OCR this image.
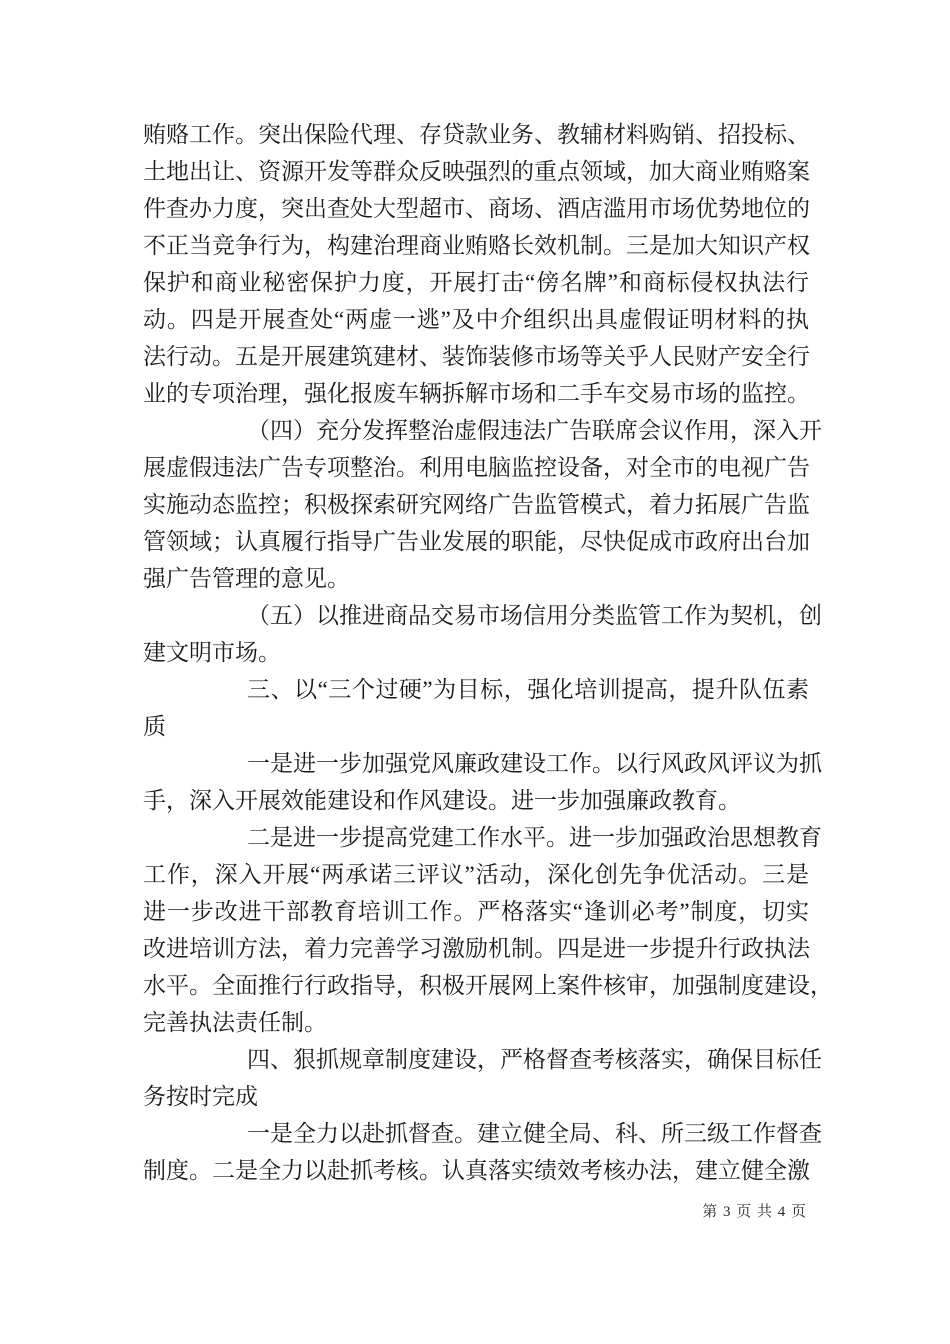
贿赂工作。突出保险代理、存贷款业务、教辅材料购销、招投标、
土地出让、资源开发等群众反映强烈的重点领域，加大商业贿赂案
件查办力度，突出查处大型超市、商场、酒店滥用市场优势地位的
不正当竞争行为，构建治理商业贿赂长效机制。三是加大知识产权
保护和商业秘密保护力度，开展打击“傍名牌”和商标侵权执法行
动。四是开展查处“两虚一逃”及中介组织出具虚假证明材料的执
法行动。五是开展建筑建材、装饰装修市场等关乎人民财产安全行
业的专项治理，强化报废车辆拆解市场和二手车交易市场的监控。
（四）充分发挥整治虚假违法广告联席会议作用，深入开
展虚假违法广告专项整治。利用电脑监控设备，对全市的电视广告
实施动态监控；积极探索研究网络广告监管模式，着力拓展广告监
管领域；认真履行指导广告业发展的职能，尽快促成市政府出台加
强广告管理的意见。
（五）以推进商品交易市场信用分类监管工作为契机，创
建文明市场。
三、以“三个过硬”为目标，强化培训提高，提升队伍素
质
一是进一步加强党风廉政建设工作。以行风政风评议为抓
手，深入开展效能建设和作风建设。进一步加强廉政教育。
二是进一步提高党建工作水平。进一步加强政治思想教育
工作，深入开展“两承诺三评议”活动，深化创先争优活动。三是
进一步改进干部教育培训工作。严格落实“逢训必考”制度，切实
改进培训方法，着力完善学习激励机制。四是进一步提升行政执法
水平。全面推行行政指导，积极开展网上案件核审，加强制度建设，
完善执法责任制。
四、狠抓规章制度建设，严格督查考核落实，确保目标任
务按时完成
一是全力以赴抓督查。建立健全局、科、所三级工作督查
制度。二是全力以赴抓考核。认真落实绩效考核办法，建立健全激
第 3 页 共 4 页
